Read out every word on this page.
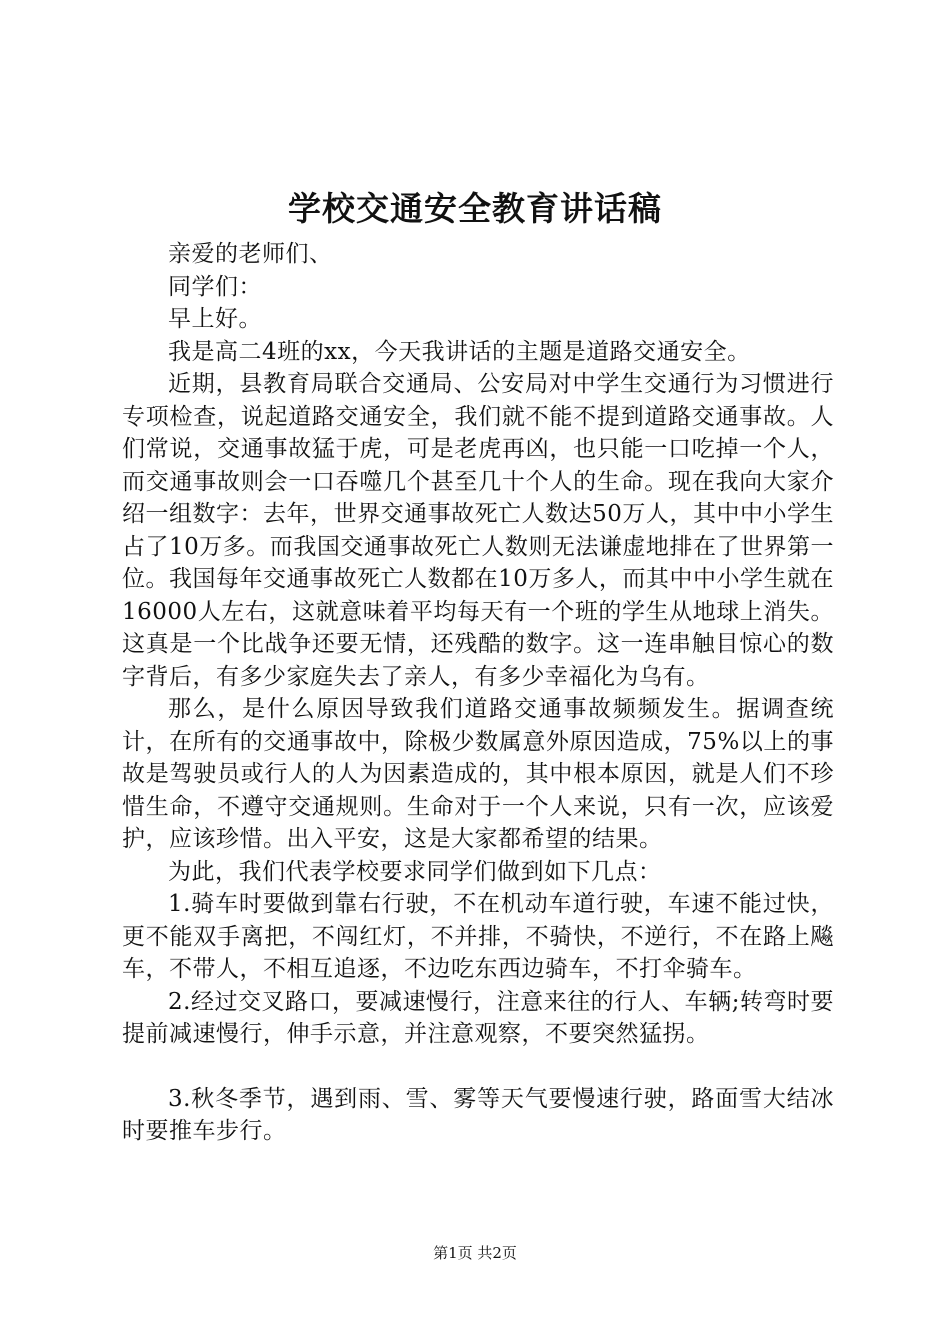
学校交通安全教育讲话稿

亲爱的老师们、

同学们：

早上好。

我是高二4班的xx，今天我讲话的主题是道路交通安全。

近期，县教育局联合交通局、公安局对中学生交通行为习惯进行专项检查，说起道路交通安全，我们就不能不提到道路交通事故。人们常说，交通事故猛于虎，可是老虎再凶，也只能一口吃掉一个人，而交通事故则会一口吞噬几个甚至几十个人的生命。现在我向大家介绍一组数字：去年，世界交通事故死亡人数达50万人，其中中小学生占了10万多。而我国交通事故死亡人数则无法谦虚地排在了世界第一位。我国每年交通事故死亡人数都在10万多人，而其中中小学生就在16000人左右，这就意味着平均每天有一个班的学生从地球上消失。这真是一个比战争还要无情，还残酷的数字。这一连串触目惊心的数字背后，有多少家庭失去了亲人，有多少幸福化为乌有。

那么，是什么原因导致我们道路交通事故频频发生。据调查统计，在所有的交通事故中，除极少数属意外原因造成，75%以上的事故是驾驶员或行人的人为因素造成的，其中根本原因，就是人们不珍惜生命，不遵守交通规则。生命对于一个人来说，只有一次，应该爱护，应该珍惜。出入平安，这是大家都希望的结果。

为此，我们代表学校要求同学们做到如下几点：

1.骑车时要做到靠右行驶，不在机动车道行驶，车速不能过快，更不能双手离把，不闯红灯，不并排，不骑快，不逆行，不在路上飚车，不带人，不相互追逐，不边吃东西边骑车，不打伞骑车。

2.经过交叉路口，要减速慢行，注意来往的行人、车辆;转弯时要提前减速慢行，伸手示意，并注意观察，不要突然猛拐。

3.秋冬季节，遇到雨、雪、雾等天气要慢速行驶，路面雪大结冰时要推车步行。

第1页 共2页
